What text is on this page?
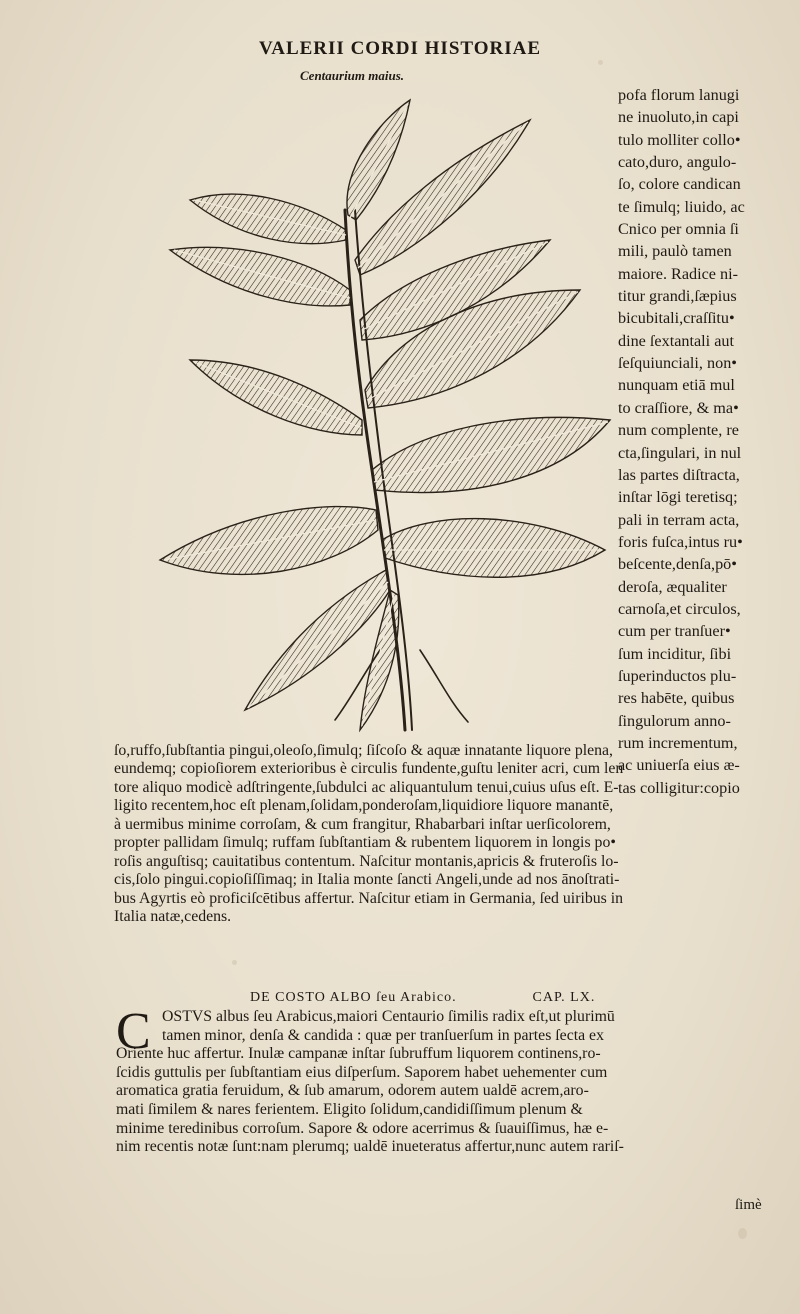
VALERII CORDI HISTORIAE
Centaurium maius.
pofa florum lanugi
ne inuoluto,in capi
tulo molliter collo•
cato,duro, angulo-
ſo, colore candican
te ſimulq; liuido, ac
Cnico per omnia ſi
mili, paulò tamen
maiore. Radice ni-
titur grandi,ſæpius
bicubitali,craſſitu•
dine ſextantali aut
ſeſquiunciali, non•
nunquam etiā mul
to craſſiore, & ma•
num complente, re
cta,ſingulari, in nul
las partes diſtracta,
inſtar lōgi teretisq;
pali in terram acta,
foris fuſca,intus ru•
beſcente,denſa,pō•
deroſa, æqualiter
carnoſa,et circulos,
cum per tranſuer•
ſum inciditur, ſibi
ſuperinductos plu-
res habēte, quibus
ſingulorum anno-
rum incrementum,
ac uniuerſa eius æ-
tas colligitur:copio
ſo,ruffo,ſubſtantia pingui,oleoſo,ſimulq; ſiſcoſo & aquæ innatante liquore plena,
eundemq; copioſiorem exterioribus è circulis fundente,guſtu leniter acri, cum len
tore aliquo modicè adſtringente,ſubdulci ac aliquantulum tenui,cuius uſus eſt. E-
ligito recentem,hoc eſt plenam,ſolidam,ponderoſam,liquidiore liquore manantē,
à uermibus minime corroſam, & cum frangitur, Rhabarbari inſtar uerſicolorem,
propter pallidam ſimulq; ruffam ſubſtantiam & rubentem liquorem in longis po•
roſis anguſtisq; cauitatibus contentum. Naſcitur montanis,apricis & fruteroſis lo-
cis,ſolo pingui.copioſiſſimaq; in Italia monte ſancti Angeli,unde ad nos ānoſtrati-
bus Agyrtis eò proficiſcētibus affertur. Naſcitur etiam in Germania, ſed uiribus in
Italia natæ,cedens.
DE COSTO ALBO ſeu Arabico.	CAP. LX.
C OSTVS albus ſeu Arabicus,maiori Centaurio ſimilis radix eſt,ut plurimū
tamen minor, denſa & candida : quæ per tranſuerſum in partes ſecta ex
Oriente huc affertur. Inulæ campanæ inſtar ſubruffum liquorem continens,ro-
ſcidis guttulis per ſubſtantiam eius diſperſum. Saporem habet uehementer cum
aromatica gratia feruidum, & ſub amarum, odorem autem ualdē acrem,aro-
mati ſimilem & nares ferientem. Eligito ſolidum,candidiſſimum plenum &
minime teredinibus corroſum. Sapore & odore acerrimus & ſuauiſſimus, hæ e-
nim recentis notæ ſunt:nam plerumq; ualdē inueteratus affertur,nunc autem rariſ-
ſimè
